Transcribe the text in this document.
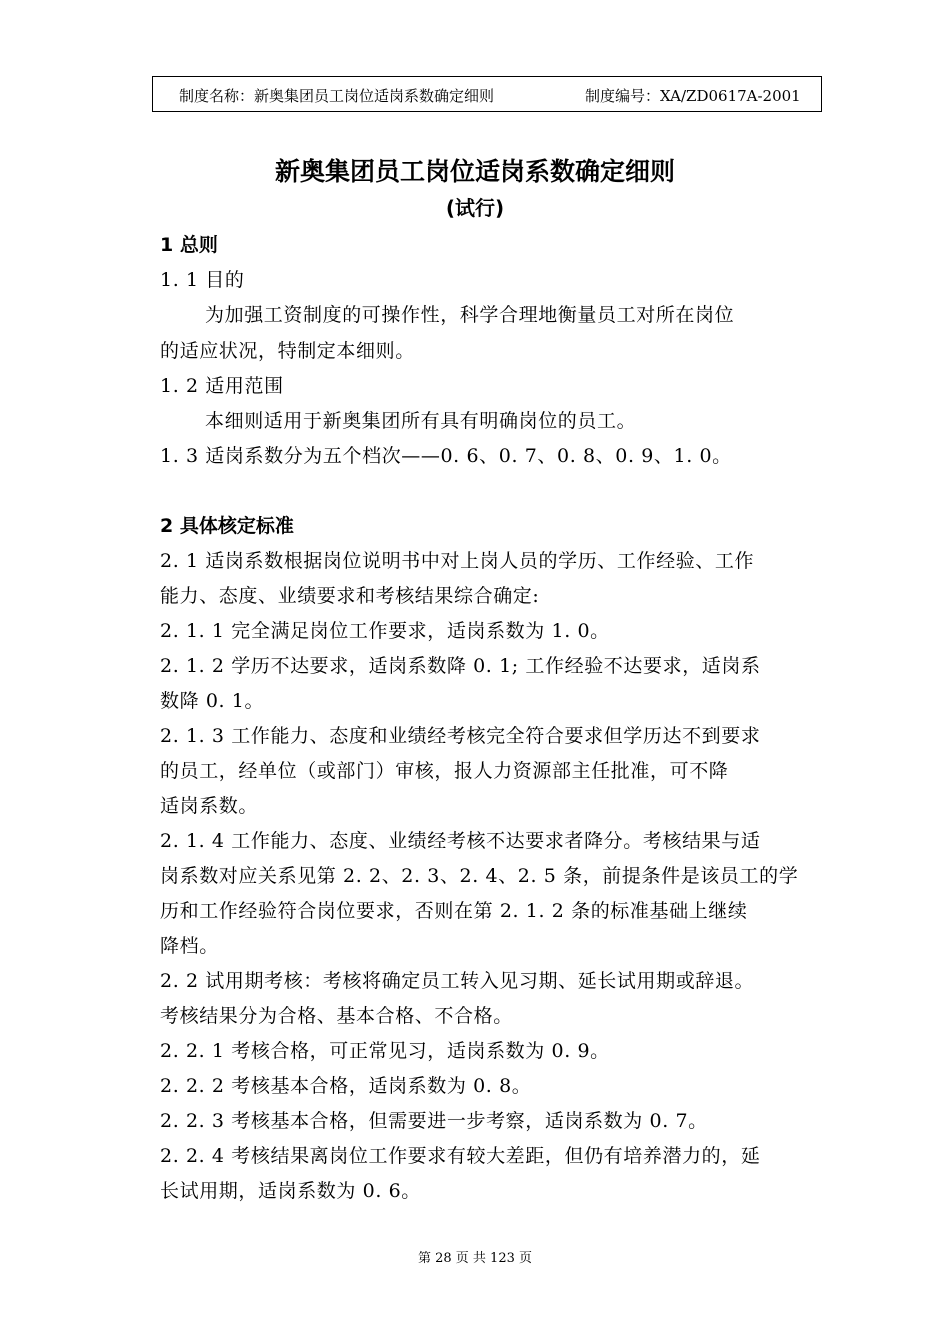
制度名称：新奥集团员工岗位适岗系数确定细则	制度编号：XA/ZD0617A-2001
新奥集团员工岗位适岗系数确定细则
(试行)
1 总则
1. 1 目的
为加强工资制度的可操作性，科学合理地衡量员工对所在岗位
的适应状况，特制定本细则。
1. 2 适用范围
本细则适用于新奥集团所有具有明确岗位的员工。
1. 3 适岗系数分为五个档次——0. 6、0. 7、0. 8、0. 9、1. 0。
2 具体核定标准
2. 1 适岗系数根据岗位说明书中对上岗人员的学历、工作经验、工作
能力、态度、业绩要求和考核结果综合确定:
2. 1. 1 完全满足岗位工作要求，适岗系数为 1. 0。
2. 1. 2 学历不达要求，适岗系数降 0. 1; 工作经验不达要求，适岗系
数降 0. 1。
2. 1. 3 工作能力、态度和业绩经考核完全符合要求但学历达不到要求
的员工，经单位（或部门）审核，报人力资源部主任批准，可不降
适岗系数。
2. 1. 4 工作能力、态度、业绩经考核不达要求者降分。考核结果与适
岗系数对应关系见第 2. 2、2. 3、2. 4、2. 5 条，前提条件是该员工的学
历和工作经验符合岗位要求，否则在第 2. 1. 2 条的标准基础上继续
降档。
2. 2 试用期考核：考核将确定员工转入见习期、延长试用期或辞退。
考核结果分为合格、基本合格、不合格。
2. 2. 1 考核合格，可正常见习，适岗系数为 0. 9。
2. 2. 2 考核基本合格，适岗系数为 0. 8。
2. 2. 3 考核基本合格，但需要进一步考察，适岗系数为 0. 7。
2. 2. 4 考核结果离岗位工作要求有较大差距，但仍有培养潜力的，延
长试用期，适岗系数为 0. 6。
第 28 页 共 123 页
